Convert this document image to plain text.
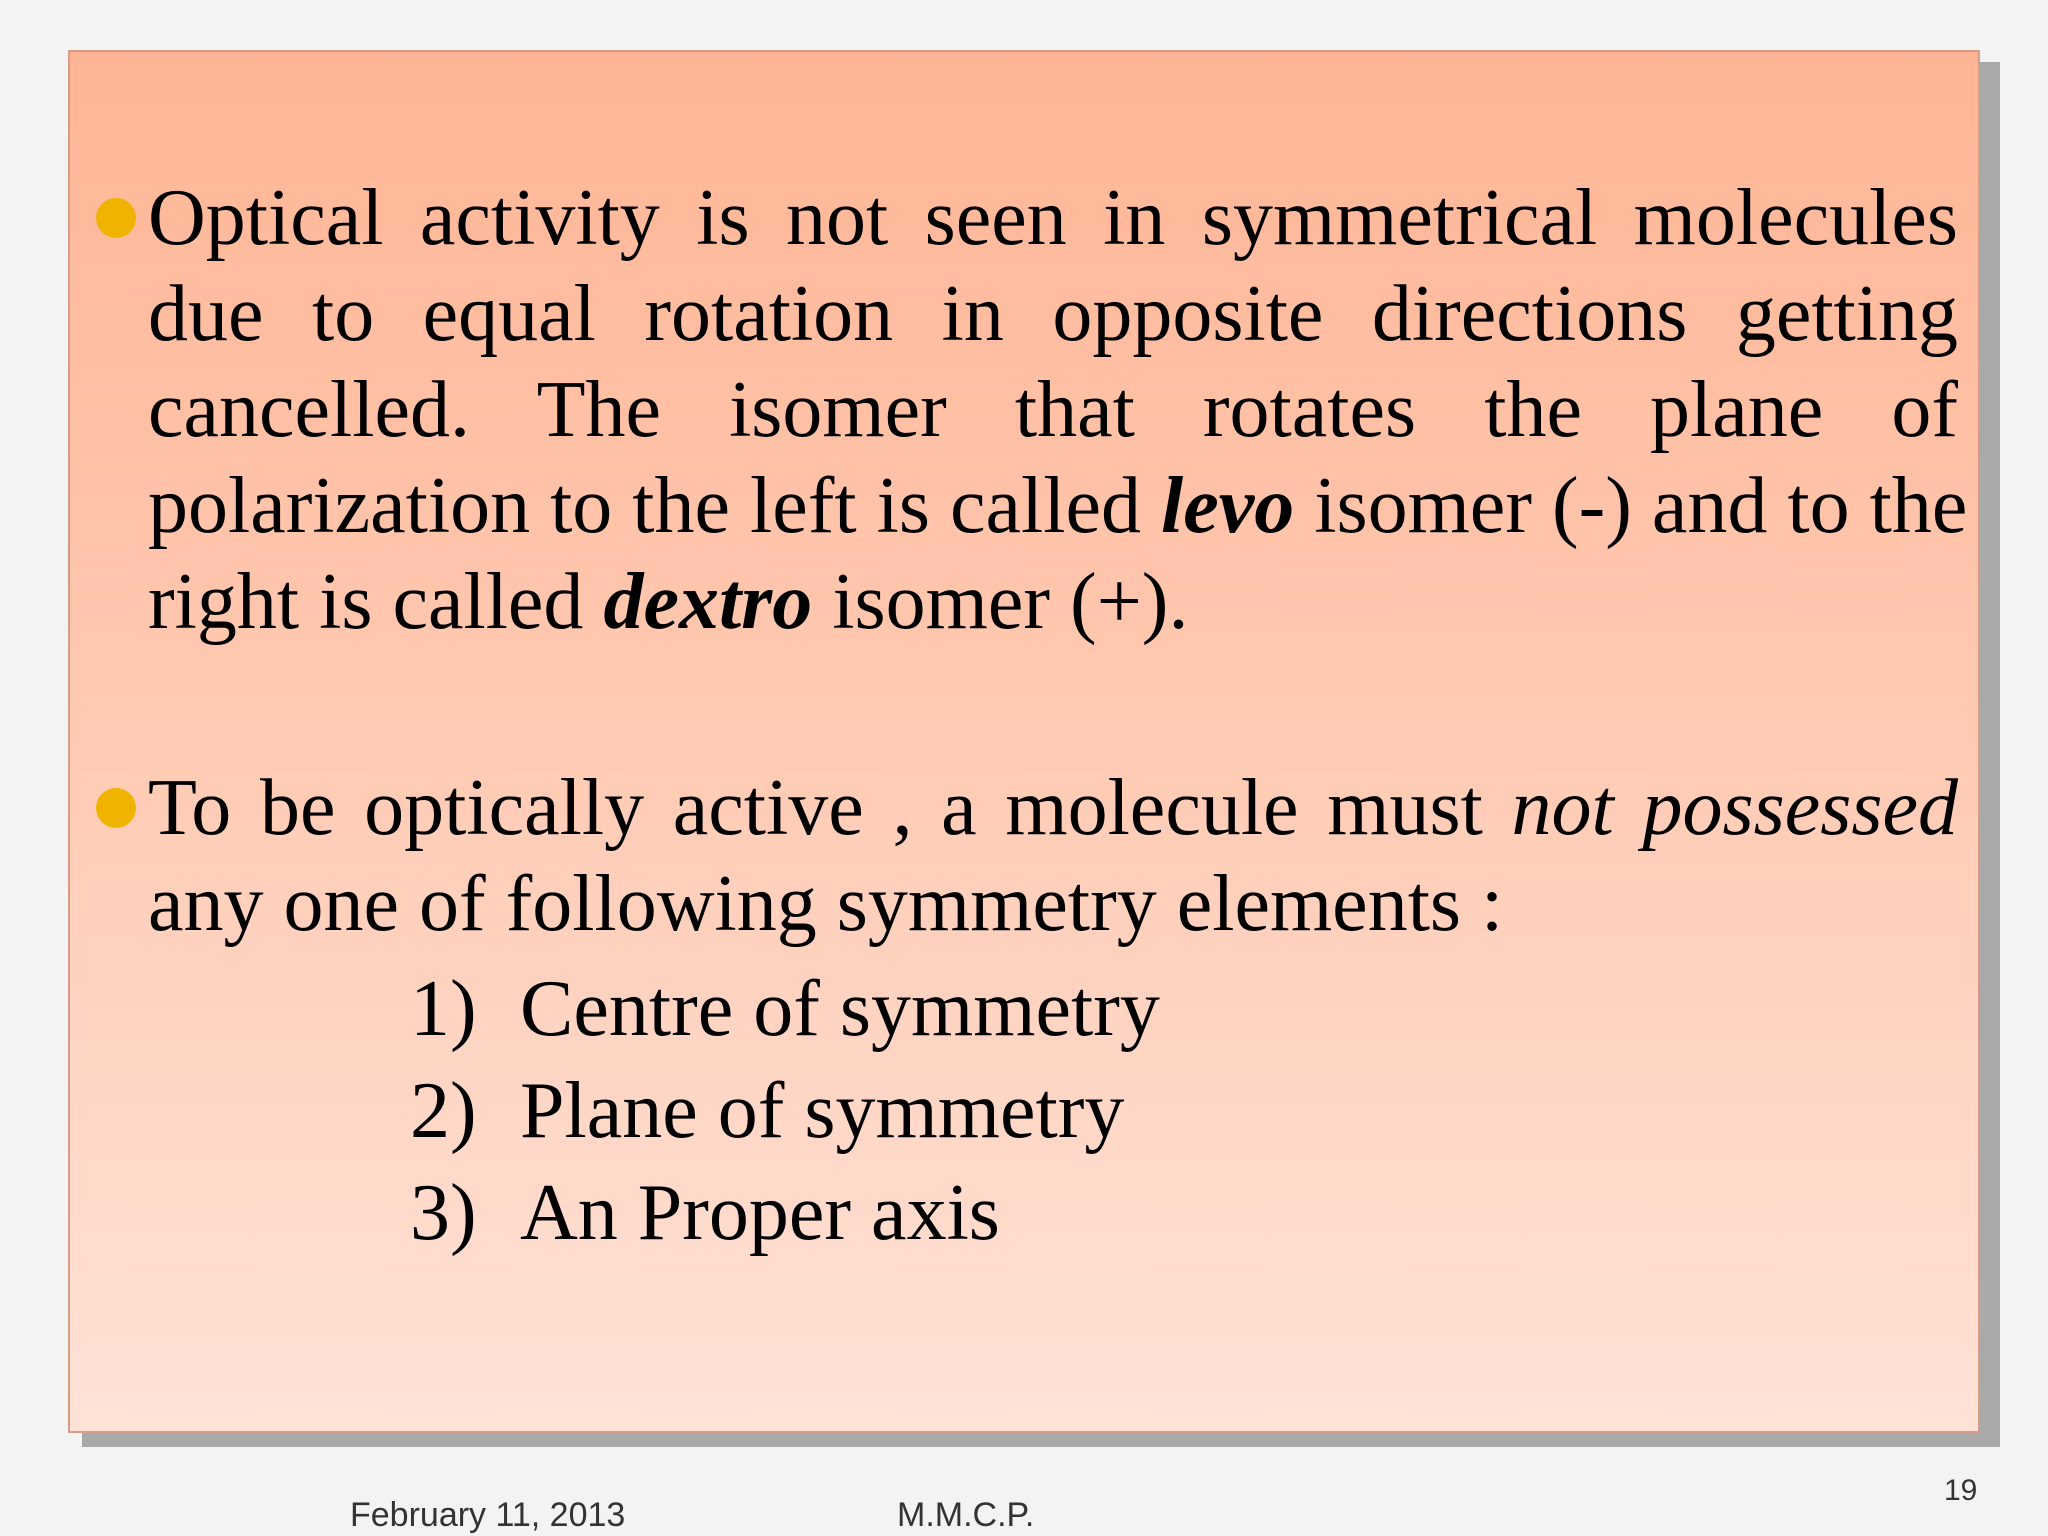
Optical activity is not seen in symmetrical molecules
due to equal rotation in opposite directions getting
cancelled. The isomer that rotates the plane of
polarization to the left is called levo isomer (-) and to the
right is called dextro isomer (+).
To be optically active , a molecule must not possessed
any one of following symmetry elements :
1) Centre of symmetry
2) Plane of symmetry
3) An Proper axis
February 11, 2013	M.M.C.P.
19
